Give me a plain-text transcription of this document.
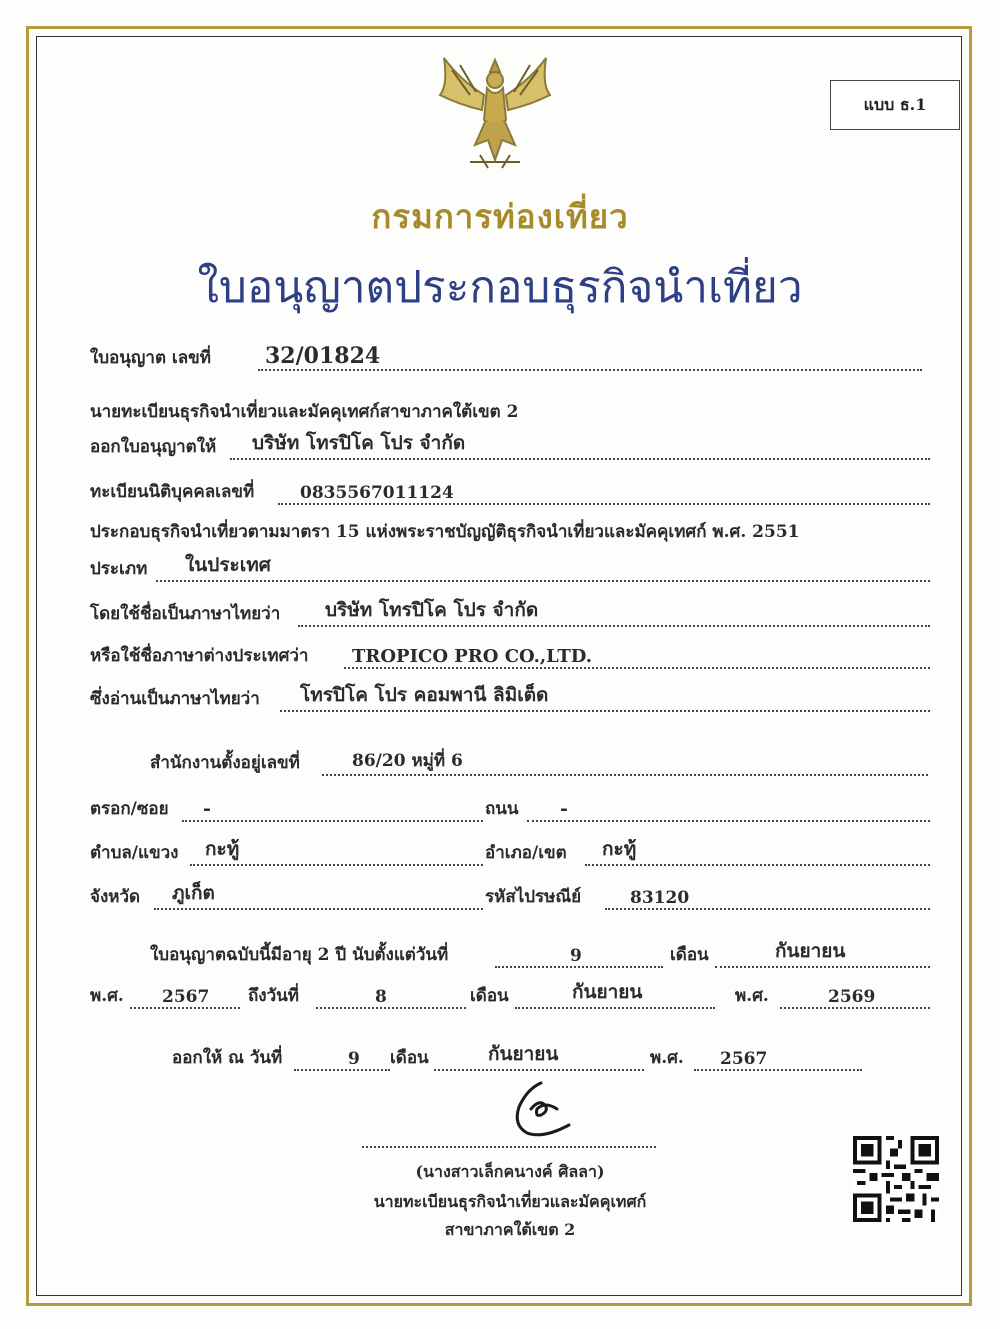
แบบ ธ.1
กรมการท่องเที่ยว
ใบอนุญาตประกอบธุรกิจนำเที่ยว
ใบอนุญาต เลขที่ 32/01824
นายทะเบียนธุรกิจนำเที่ยวและมัคคุเทศก์สาขาภาคใต้เขต 2
ออกใบอนุญาตให้ บริษัท โทรปิโค โปร จำกัด
ทะเบียนนิติบุคคลเลขที่	0835567011124
ประกอบธุรกิจนำเที่ยวตามมาตรา 15 แห่งพระราชบัญญัติธุรกิจนำเที่ยวและมัคคุเทศก์ พ.ศ. 2551
ประเภท ในประเทศ
โดยใช้ชื่อเป็นภาษาไทยว่า บริษัท โทรปิโค โปร จำกัด
หรือใช้ชื่อภาษาต่างประเทศว่า TROPICO PRO CO.,LTD.
ซึ่งอ่านเป็นภาษาไทยว่า โทรปิโค โปร คอมพานี ลิมิเต็ด
สำนักงานตั้งอยู่เลขที่	86/20 หมู่ที่ 6
ตรอก/ซอย -	ถนน -
ตำบล/แขวง กะทู้	อำเภอ/เขต กะทู้
จังหวัด ภูเก็ต	รหัสไปรษณีย์	83120
ใบอนุญาตฉบับนี้มีอายุ 2 ปี นับตั้งแต่วันที่	9	เดือน	กันยายน
พ.ศ. 2567 ถึงวันที่	8	เดือน	กันยายน	พ.ศ.	2569
ออกให้ ณ วันที่	9 เดือน	กันยายน	พ.ศ. 2567
(นางสาวเล็กคนางค์ ศิลลา)
นายทะเบียนธุรกิจนำเที่ยวและมัคคุเทศก์
สาขาภาคใต้เขต 2
